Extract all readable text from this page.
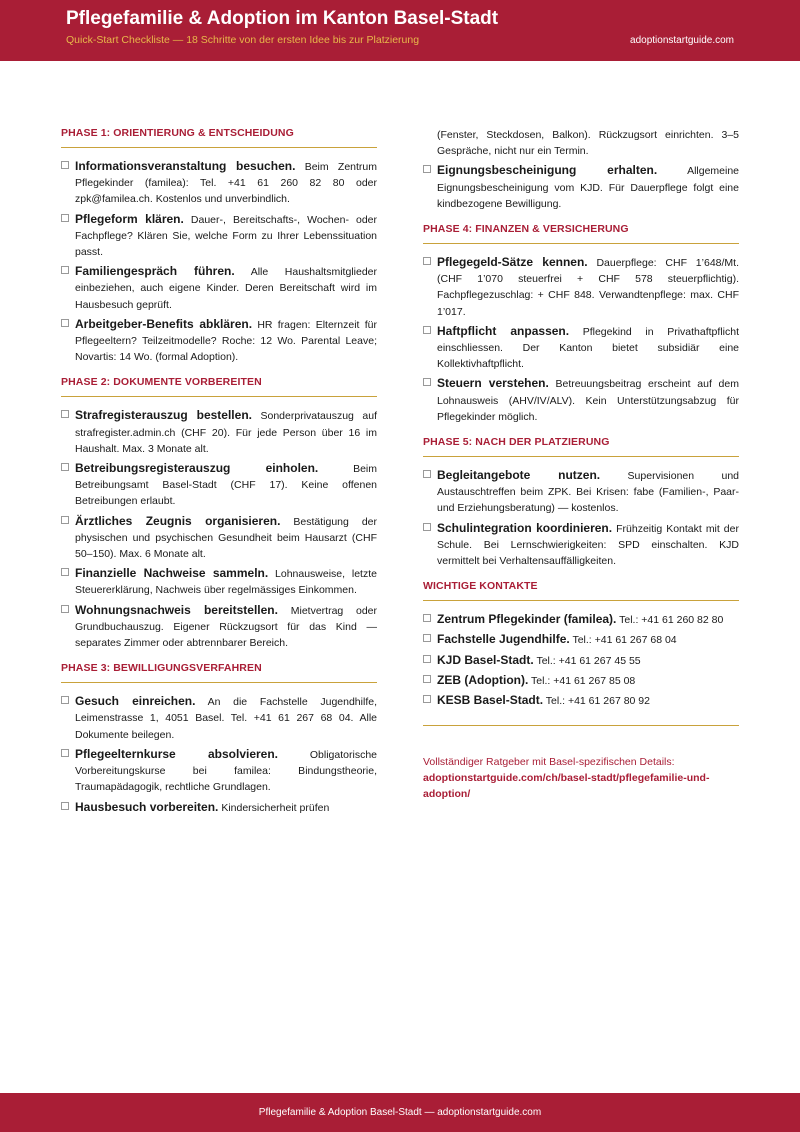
Pflegefamilie & Adoption im Kanton Basel-Stadt
Quick-Start Checkliste — 18 Schritte von der ersten Idee bis zur Platzierung	adoptionstartguide.com
PHASE 1: ORIENTIERUNG & ENTSCHEIDUNG
Informationsveranstaltung besuchen. Beim Zentrum Pflegekinder (familea): Tel. +41 61 260 82 80 oder zpk@familea.ch. Kostenlos und unverbindlich.
Pflegeform klären. Dauer-, Bereitschafts-, Wochen- oder Fachpflege? Klären Sie, welche Form zu Ihrer Lebenssituation passt.
Familiengespräch führen. Alle Haushaltsmitglieder einbeziehen, auch eigene Kinder. Deren Bereitschaft wird im Hausbesuch geprüft.
Arbeitgeber-Benefits abklären. HR fragen: Elternzeit für Pflegeeltern? Teilzeitmodelle? Roche: 12 Wo. Parental Leave; Novartis: 14 Wo. (formal Adoption).
PHASE 2: DOKUMENTE VORBEREITEN
Strafregisterauszug bestellen. Sonderprivatauszug auf strafregister.admin.ch (CHF 20). Für jede Person über 16 im Haushalt. Max. 3 Monate alt.
Betreibungsregisterauszug einholen.	Beim Betreibungsamt Basel-Stadt (CHF 17). Keine offenen Betreibungen erlaubt.
Ärztliches Zeugnis organisieren. Bestätigung der physischen und psychischen Gesundheit beim Hausarzt (CHF 50–150). Max. 6 Monate alt.
Finanzielle Nachweise sammeln. Lohnausweise, letzte Steuererklärung, Nachweis über regelmässiges Einkommen.
Wohnungsnachweis bereitstellen. Mietvertrag oder Grundbuchauszug. Eigener Rückzugsort für das Kind — separates Zimmer oder abtrennbarer Bereich.
PHASE 3: BEWILLIGUNGSVERFAHREN
Gesuch einreichen. An die Fachstelle Jugendhilfe, Leimenstrasse 1, 4051 Basel. Tel. +41 61 267 68 04. Alle Dokumente beilegen.
Pflegeelternkurse absolvieren.	Obligatorische Vorbereitungskurse bei familea: Bindungstheorie, Traumapädagogik, rechtliche Grundlagen.
Hausbesuch vorbereiten. Kindersicherheit prüfen
(Fenster, Steckdosen, Balkon). Rückzugsort einrichten. 3–5 Gespräche, nicht nur ein Termin.
Eignungsbescheinigung erhalten.	Allgemeine Eignungsbescheinigung vom KJD. Für Dauerpflege folgt eine kindbezogene Bewilligung.
PHASE 4: FINANZEN & VERSICHERUNG
Pflegegeld-Sätze kennen. Dauerpflege: CHF 1’648/Mt. (CHF 1’070 steuerfrei + CHF 578 steuerpflichtig). Fachpflegezuschlag: + CHF 848. Verwandtenpflege: max. CHF 1’017.
Haftpflicht anpassen. Pflegekind in Privathaftpflicht einschliessen. Der Kanton bietet subsidiär eine Kollektivhaftpflicht.
Steuern verstehen. Betreuungsbeitrag erscheint auf dem Lohnausweis (AHV/IV/ALV). Kein Unterstützungsabzug für Pflegekinder möglich.
PHASE 5: NACH DER PLATZIERUNG
Begleitangebote nutzen.	Supervisionen und Austauschtreffen beim ZPK. Bei Krisen: fabe (Familien-, Paar- und Erziehungsberatung) — kostenlos.
Schulintegration koordinieren. Frühzeitig Kontakt mit der Schule. Bei Lernschwierigkeiten: SPD einschalten. KJD vermittelt bei Verhaltensauffälligkeiten.
WICHTIGE KONTAKTE
Zentrum Pflegekinder (familea). Tel.: +41 61 260 82 80
Fachstelle Jugendhilfe. Tel.: +41 61 267 68 04
KJD Basel-Stadt. Tel.: +41 61 267 45 55
ZEB (Adoption). Tel.: +41 61 267 85 08
KESB Basel-Stadt. Tel.: +41 61 267 80 92
Vollständiger Ratgeber mit Basel-spezifischen Details:
adoptionstartguide.com/ch/basel-stadt/pflegefamilie-und-adoption/
Pflegefamilie & Adoption Basel-Stadt — adoptionstartguide.com
